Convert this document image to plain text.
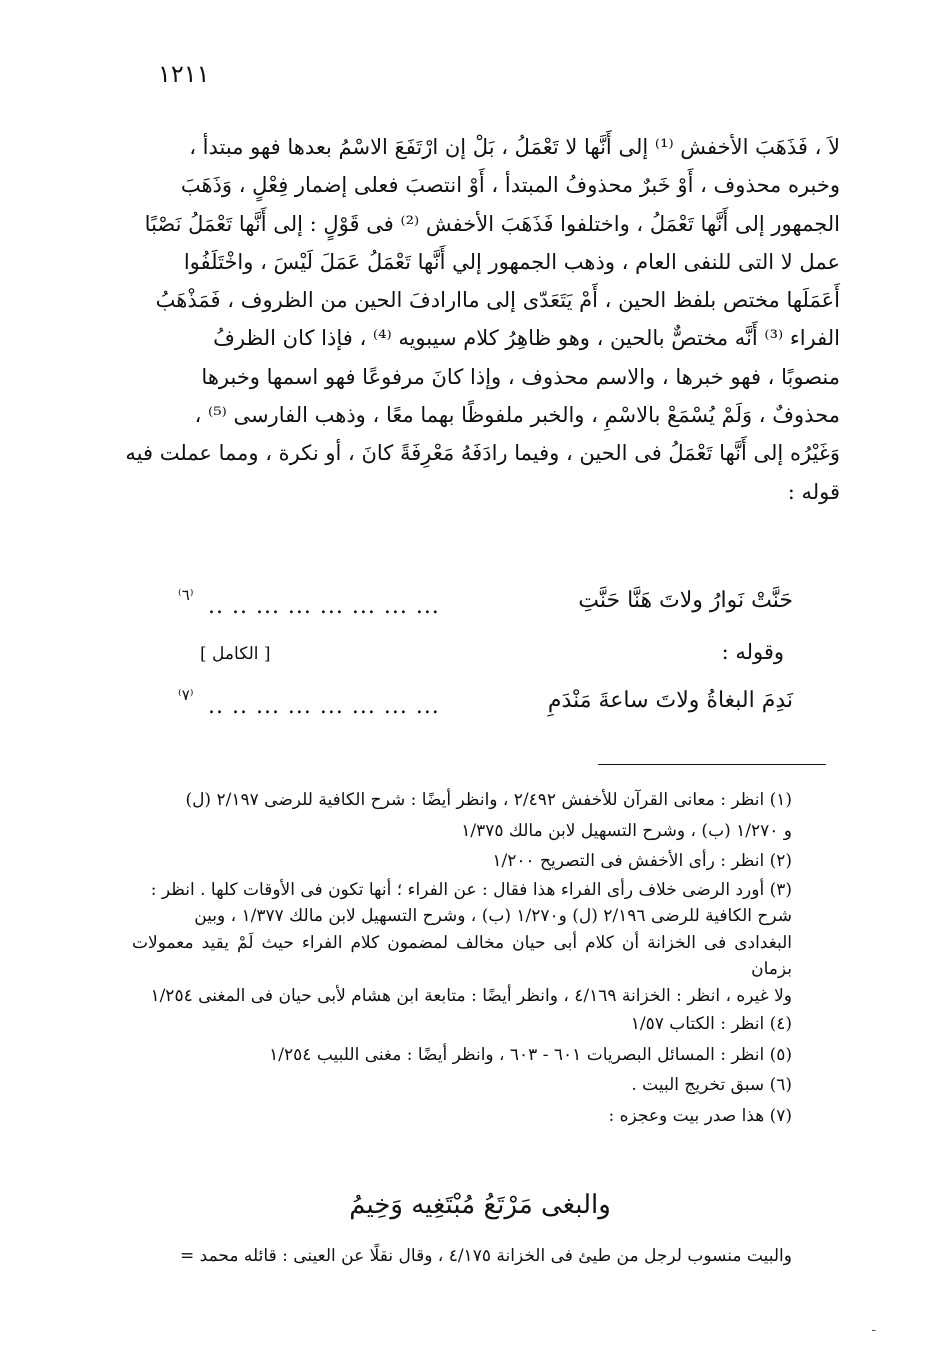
١٢١١

لاَ ، فَذَهَبَ الأخفش ⁽¹⁾ إلى أَنَّها لا تَعْمَلُ ، بَلْ إن ارْتَفَعَ الاسْمُ بعدها فهو مبتدأ ،

وخبره محذوف ، أَوْ خَبرٌ محذوفُ المبتدأ ، أَوْ انتصبَ فعلى إضمار فِعْلٍ ، وَذَهَبَ

الجمهور إلى أَنَّها تَعْمَلُ ، واختلفوا فَذَهَبَ الأخفش ⁽²⁾ فى قَوْلٍ : إلى أَنَّها تَعْمَلُ نَصْبًا

عمل لا التى للنفى العام ، وذهب الجمهور إلي أَنَّها تَعْمَلُ عَمَلَ لَيْسَ ، واخْتَلَفُوا

أَعَمَلَها مختص بلفظ الحين ، أَمْ يَتَعَدّى إلى ماارادفَ الحين من الظروف ، فَمَذْهَبُ

الفراء ⁽³⁾ أَنَّه مختصٌّ بالحين ، وهو ظاهِرُ كلام سيبويه ⁽⁴⁾ ، فإذا كان الظرفُ

منصوبًا ، فهو خبرها ، والاسم محذوف ، وإذا كانَ مرفوعًا فهو اسمها وخبرها

محذوفٌ ، وَلَمْ يُسْمَعْ بالاسْمِ ، والخبر ملفوظًا بهما معًا ، وذهب الفارسى ⁽⁵⁾ ،

وَغَيْرُه إلى أَنَّها تَعْمَلُ فى الحين ، وفيما رادَفَهُ مَعْرِفَةً كانَ ، أو نكرة ، ومما عملت فيه

قوله :

حَنَّتْ نَوارُ ولاتَ هَنَّا حَنَّتِ
... ... ... ... ... ... .. ..
⁽٦⁾
وقوله :
[ الكامل ]
نَدِمَ البغاةُ ولاتَ ساعةَ مَنْدَمِ
... ... ... ... ... ... .. ..
⁽٧⁾

(١) انظر : معانى القرآن للأخفش ٢/٤٩٢ ، وانظر أيضًا : شرح الكافية للرضى ٢/١٩٧ (ل)

و ١/٢٧٠ (ب) ، وشرح التسهيل لابن مالك ١/٣٧٥

(٢) انظر : رأى الأخفش فى التصريح ١/٢٠٠

(٣) أورد الرضى خلاف رأى الفراء هذا فقال : عن الفراء ؛ أنها تكون فى الأوقات كلها . انظر :

شرح الكافية للرضى ٢/١٩٦ (ل) و١/٢٧٠ (ب) ، وشرح التسهيل لابن مالك ١/٣٧٧ ، وبين

البغدادى فى الخزانة أن كلام أبى حيان مخالف لمضمون كلام الفراء حيث لَمْ يقيد معمولات بزمان

ولا غيره ، انظر : الخزانة ٤/١٦٩ ، وانظر أيضًا : متابعة ابن هشام لأبى حيان فى المغنى ١/٢٥٤

(٤) انظر : الكتاب ١/٥٧

(٥) انظر : المسائل البصريات ٦٠١ - ٦٠٣ ، وانظر أيضًا : مغنى اللبيب ١/٢٥٤

(٦) سبق تخريج البيت .

(٧) هذا صدر بيت وعجزه :

والبغى مَرْتَعُ مُبْتَغِيه وَخِيمُ
والبيت منسوب لرجل من طيئ فى الخزانة ٤/١٧٥ ، وقال نقلًا عن العينى : قائله محمد =
ـ
